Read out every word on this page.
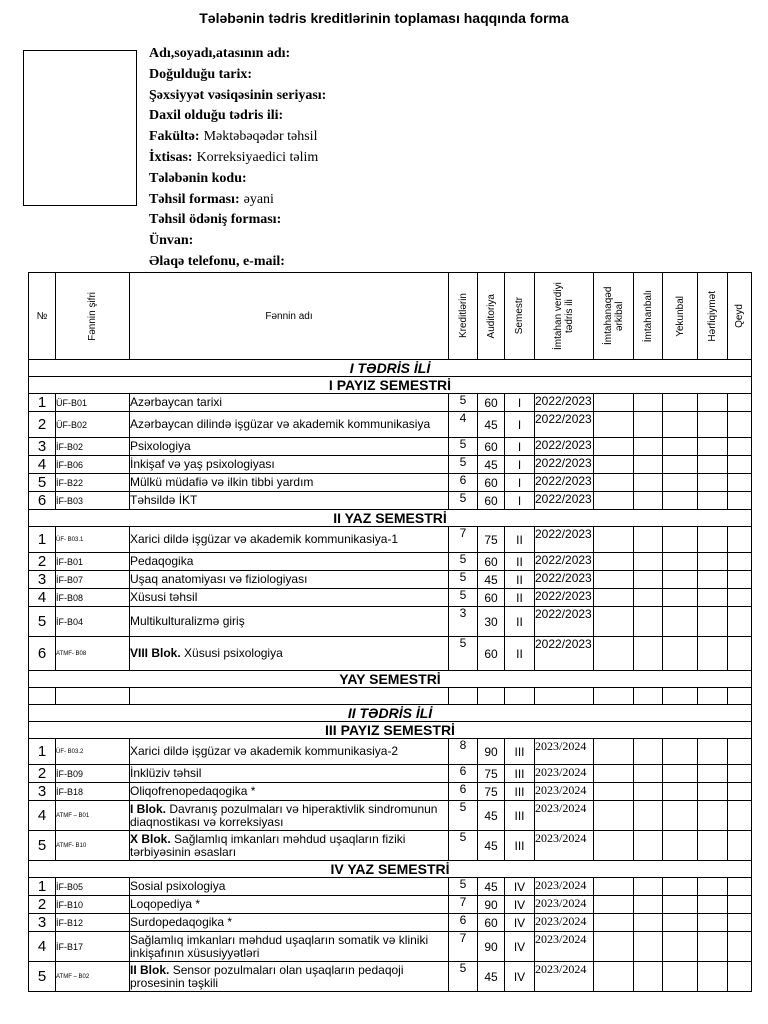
Tələbənin tədris kreditlərinin toplaması haqqında forma
Adı,soyadı,atasının adı:
Doğulduğu tarix:
Şəxsiyyət vəsiqəsinin seriyası:
Daxil olduğu tədris ili:
Fakültə: Məktəbəqədər təhsil
İxtisas: Korreksiyaedici təlim
Tələbənin kodu:
Təhsil forması: əyani
Təhsil ödəniş forması:
Ünvan:
Əlaqə telefonu, e-mail:
№	Fənnin şifri	Fənnin adı	Kreditlərin	Auditoriya	Semestr	İmtahan verdiyi tədris ili	İmtahanaqəd ərkibal	İmtahanbalı	Yekunbal	Hərfiqiymət	Qeyd

I TƏDRİS İLİ											
I PAYIZ SEMESTRİ											
1	ÜF-B01	Azərbaycan tarixi	5	60	I	2022/2023					
2	ÜF-B02	Azərbaycan dilində işgüzar və akademik kommunikasiya	4	45	I	2022/2023					
3	İF-B02	Psixologiya	5	60	I	2022/2023					
4	İF-B06	İnkişaf və yaş psixologiyası	5	45	I	2022/2023					
5	İF-B22	Mülkü müdafiə və ilkin tibbi yardım	6	60	I	2022/2023					
6	İF-B03	Təhsildə İKT	5	60	I	2022/2023					
II YAZ SEMESTRİ											
1	ÜF- B03.1	Xarici dildə işgüzar və akademik kommunikasiya-1	7	75	II	2022/2023					
2	İF-B01	Pedaqogika	5	60	II	2022/2023					
3	İF-B07	Uşaq anatomiyası və fiziologiyası	5	45	II	2022/2023					
4	İF-B08	Xüsusi təhsil	5	60	II	2022/2023					
5	İF-B04	Multikulturalizmə giriş	3	30	II	2022/2023					
6	ATMF- B08	VIII Blok. Xüsusi psixologiya	5	60	II	2022/2023					
YAY SEMESTRİ											

II TƏDRİS İLİ											
III PAYIZ SEMESTRİ											
1	ÜF- B03.2	Xarici dildə işgüzar və akademik kommunikasiya-2	8	90	III	2023/2024					
2	İF-B09	İnklüziv təhsil	6	75	III	2023/2024					
3	İF-B18	Oliqofrenopedaqogika *	6	75	III	2023/2024					
4	ATMF – B01	I Blok. Davranış pozulmaları və hiperaktivlik sindromunun diaqnostikası və korreksiyası	5	45	III	2023/2024					
5	ATMF- B10	X Blok. Sağlamlıq imkanları məhdud uşaqların fiziki tərbiyəsinin əsasları	5	45	III	2023/2024					
IV YAZ SEMESTRİ											
1	İF-B05	Sosial psixologiya	5	45	IV	2023/2024					
2	İF-B10	Loqopediya *	7	90	IV	2023/2024					
3	İF-B12	Surdopedaqogika *	6	60	IV	2023/2024					
4	İF-B17	Sağlamlıq imkanları məhdud uşaqların somatik və kliniki inkişafının xüsusiyyətləri	7	90	IV	2023/2024					
5	ATMF – B02	II Blok. Sensor pozulmaları olan uşaqların pedaqoji prosesinin təşkili	5	45	IV	2023/2024					
